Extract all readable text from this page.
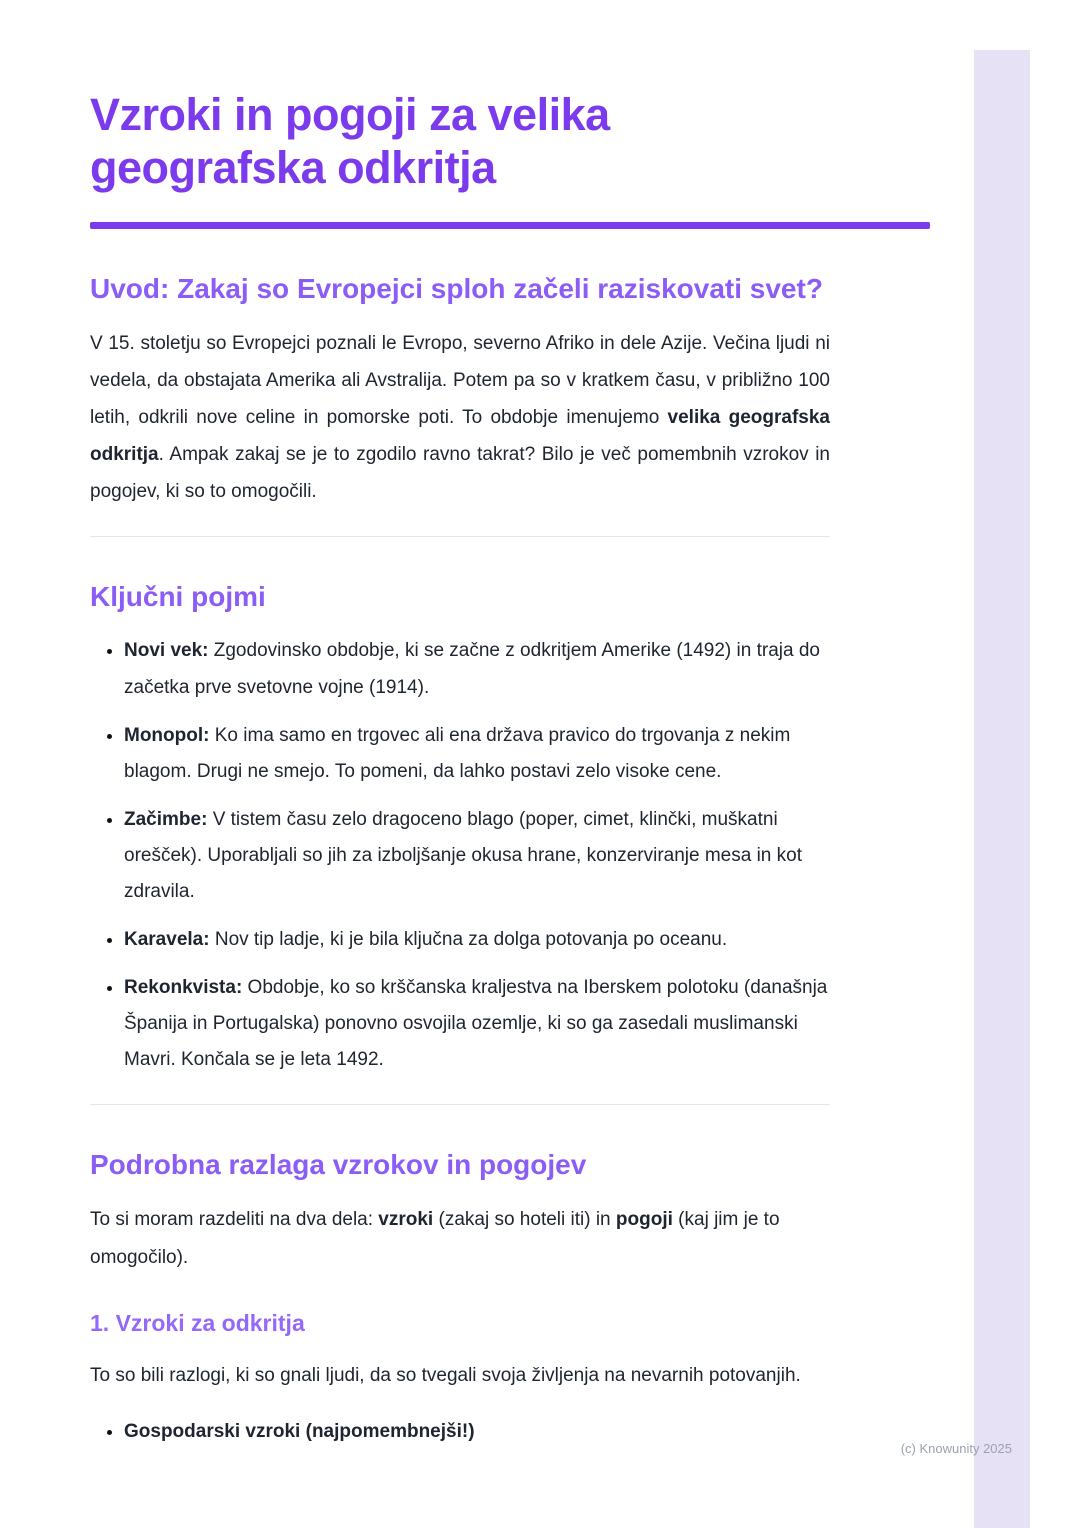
Vzroki in pogoji za velika geografska odkritja
Uvod: Zakaj so Evropejci sploh začeli raziskovati svet?

V 15. stoletju so Evropejci poznali le Evropo, severno Afriko in dele Azije. Večina ljudi ni vedela, da obstajata Amerika ali Avstralija. Potem pa so v kratkem času, v približno 100 letih, odkrili nove celine in pomorske poti. To obdobje imenujemo velika geografska odkritja. Ampak zakaj se je to zgodilo ravno takrat? Bilo je več pomembnih vzrokov in pogojev, ki so to omogočili.

Ključni pojmi
• Novi vek: Zgodovinsko obdobje, ki se začne z odkritjem Amerike (1492) in traja do začetka prve svetovne vojne (1914).
• Monopol: Ko ima samo en trgovec ali ena država pravico do trgovanja z nekim blagom. Drugi ne smejo. To pomeni, da lahko postavi zelo visoke cene.
• Začimbe: V tistem času zelo dragoceno blago (poper, cimet, klinčki, muškatni orešček). Uporabljali so jih za izboljšanje okusa hrane, konzerviranje mesa in kot zdravila.
• Karavela: Nov tip ladje, ki je bila ključna za dolga potovanja po oceanu.
• Rekonkvista: Obdobje, ko so krščanska kraljestva na Iberskem polotoku (današnja Španija in Portugalska) ponovno osvojila ozemlje, ki so ga zasedali muslimanski Mavri. Končala se je leta 1492.
Podrobna razlaga vzrokov in pogojev

To si moram razdeliti na dva dela: vzroki (zakaj so hoteli iti) in pogoji (kaj jim je to omogočilo).

1. Vzroki za odkritja

To so bili razlogi, ki so gnali ljudi, da so tvegali svoja življenja na nevarnih potovanjih.

• Gospodarski vzroki (najpomembnejši!)
(c) Knowunity 2025
